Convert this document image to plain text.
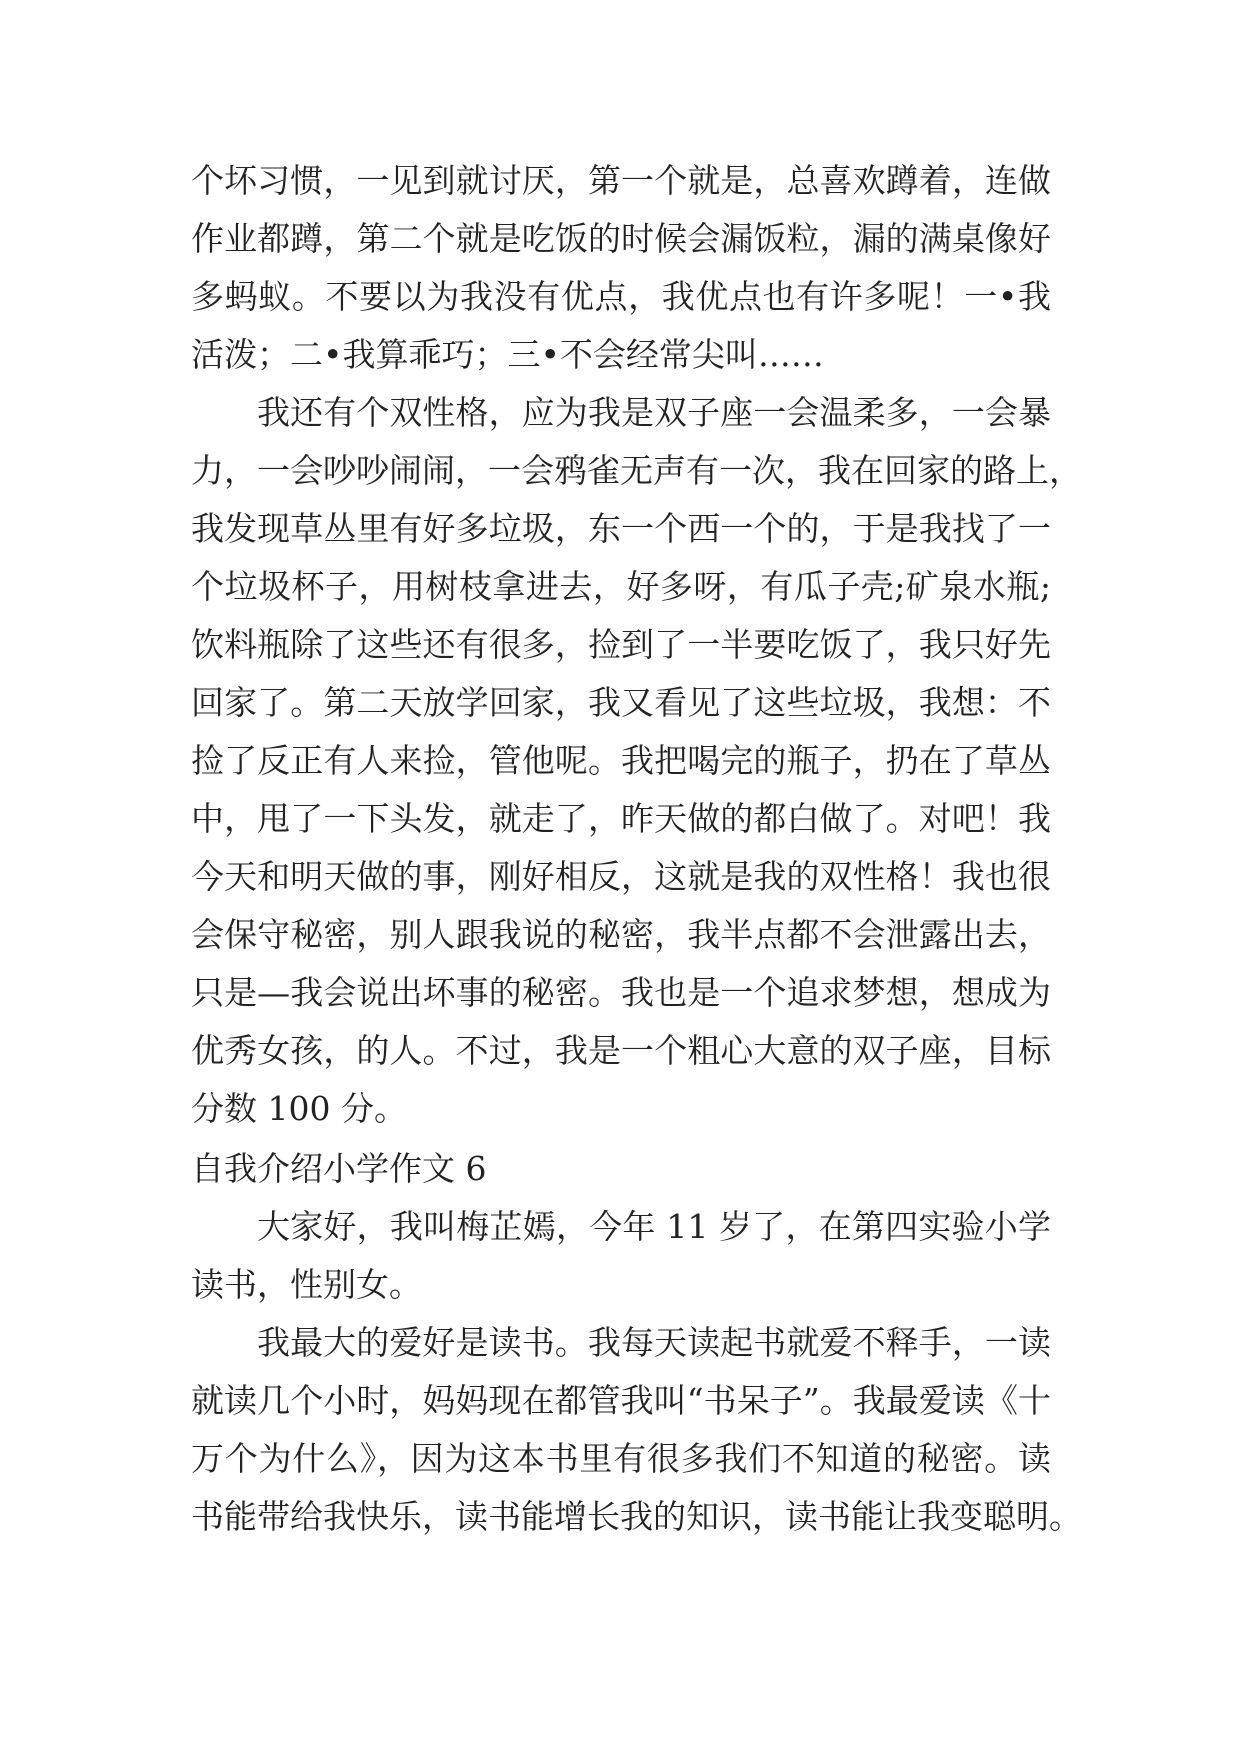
个坏习惯，一见到就讨厌，第一个就是，总喜欢蹲着，连做
作业都蹲，第二个就是吃饭的时候会漏饭粒，漏的满桌像好
多蚂蚁。不要以为我没有优点，我优点也有许多呢！一•我
活泼；二•我算乖巧；三•不会经常尖叫……
我还有个双性格，应为我是双子座一会温柔多，一会暴
力，一会吵吵闹闹，一会鸦雀无声有一次，我在回家的路上，
我发现草丛里有好多垃圾，东一个西一个的，于是我找了一
个垃圾杯子，用树枝拿进去，好多呀，有瓜子壳;矿泉水瓶;
饮料瓶除了这些还有很多，捡到了一半要吃饭了，我只好先
回家了。第二天放学回家，我又看见了这些垃圾，我想：不
捡了反正有人来捡，管他呢。我把喝完的瓶子，扔在了草丛
中，甩了一下头发，就走了，昨天做的都白做了。对吧！我
今天和明天做的事，刚好相反，这就是我的双性格！我也很
会保守秘密，别人跟我说的秘密，我半点都不会泄露出去，
只是—我会说出坏事的秘密。我也是一个追求梦想，想成为
优秀女孩，的人。不过，我是一个粗心大意的双子座，目标
分数 100 分。
自我介绍小学作文 6
大家好，我叫梅芷嫣，今年 11 岁了，在第四实验小学
读书，性别女。
我最大的爱好是读书。我每天读起书就爱不释手，一读
就读几个小时，妈妈现在都管我叫“书呆子”。我最爱读《十
万个为什么》，因为这本书里有很多我们不知道的秘密。读
书能带给我快乐，读书能增长我的知识，读书能让我变聪明。
